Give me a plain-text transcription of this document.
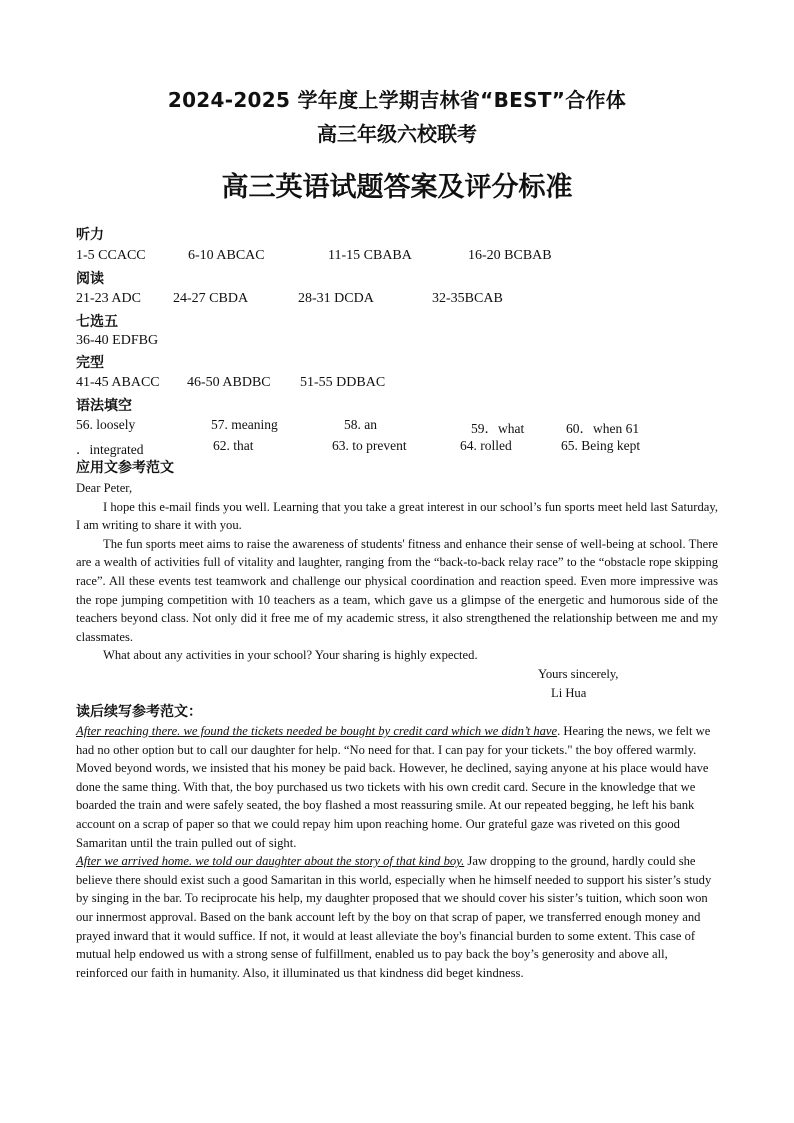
2024-2025 学年度上学期吉林省“BEST”合作体
高三年级六校联考
高三英语试题答案及评分标准
听力
1-5 CCACC	6-10 ABCAC	11-15 CBABA	16-20 BCBAB
阅读
21-23 ADC 24-27 CBDA	28-31 DCDA	32-35BCAB
七选五
36-40 EDFBG
完型
41-45 ABACC 46-50 ABDBC 51-55 DDBAC
语法填空
56. loosely	57. meaning	58. an	59．what	60．when 61
．integrated	62. that	63. to prevent	64. rolled	65. Being kept
应用文参考范文

Dear Peter,

I hope this e-mail finds you well. Learning that you take a great interest in our school’s fun sports meet held last Saturday, I am writing to share it with you.

The fun sports meet aims to raise the awareness of students' fitness and enhance their sense of well-being at school. There are a wealth of activities full of vitality and laughter, ranging from the “back-to-back relay race” to the “obstacle rope skipping race”. All these events test teamwork and challenge our physical coordination and reaction speed. Even more impressive was the rope jumping competition with 10 teachers as a team, which gave us a glimpse of the energetic and humorous side of the teachers beyond class. Not only did it free me of my academic stress, it also strengthened the relationship between me and my classmates.

What about any activities in your school? Your sharing is highly expected.

Yours sincerely,

Li Hua

读后续写参考范文：

After reaching there. we found the tickets needed be bought by credit card which we didn’t have. Hearing the news, we felt we had no other option but to call our daughter for help. “No need for that. I can pay for your tickets." the boy offered warmly. Moved beyond words, we insisted that his money be paid back. However, he declined, saying anyone at his place would have done the same thing. With that, the boy purchased us two tickets with his own credit card. Secure in the knowledge that we boarded the train and were safely seated, the boy flashed a most reassuring smile. At our repeated begging, he left his bank account on a scrap of paper so that we could repay him upon reaching home. Our grateful gaze was riveted on this good Samaritan until the train pulled out of sight.

After we arrived home. we told our daughter about the story of that kind boy. Jaw dropping to the ground, hardly could she believe there should exist such a good Samaritan in this world, especially when he himself needed to support his sister’s study by singing in the bar. To reciprocate his help, my daughter proposed that we should cover his sister’s tuition, which soon won our innermost approval. Based on the bank account left by the boy on that scrap of paper, we transferred enough money and prayed inward that it would suffice. If not, it would at least alleviate the boy's financial burden to some extent. This case of mutual help endowed us with a strong sense of fulfillment, enabled us to pay back the boy’s generosity and above all, reinforced our faith in humanity. Also, it illuminated us that kindness did beget kindness.
